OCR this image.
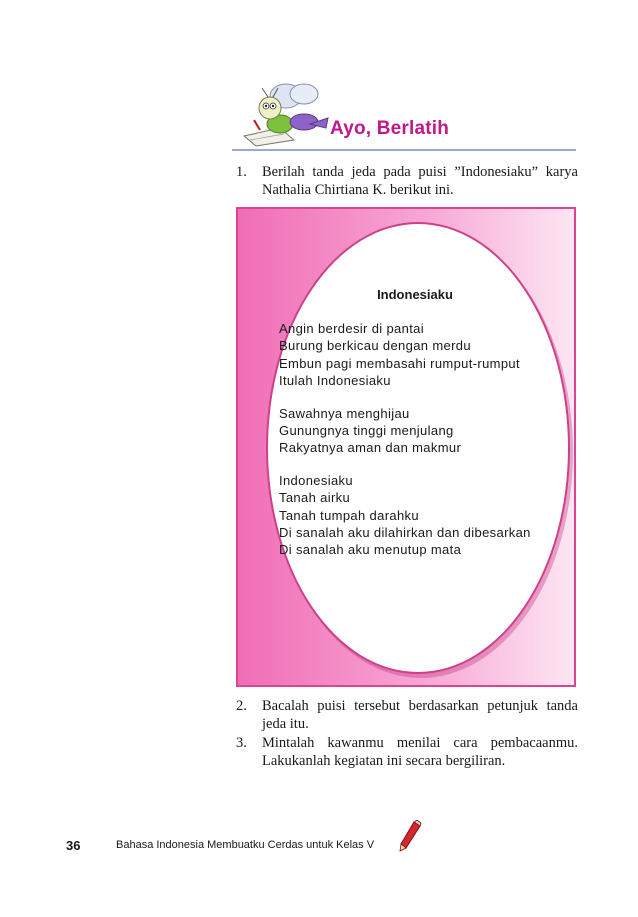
Ayo, Berlatih
1.	Berilah tanda jeda pada puisi ”Indonesiaku” karya Nathalia Chirtiana K. berikut ini.
Indonesiaku
Angin berdesir di pantai
Burung berkicau dengan merdu
Embun pagi membasahi rumput-rumput
Itulah Indonesiaku
Sawahnya menghijau
Gunungnya tinggi menjulang
Rakyatnya aman dan makmur
Indonesiaku
Tanah airku
Tanah tumpah darahku
Di sanalah aku dilahirkan dan dibesarkan
Di sanalah aku menutup mata
2.	Bacalah puisi tersebut berdasarkan petunjuk tanda jeda itu.
3.	Mintalah kawanmu menilai cara pembacaanmu. Lakukanlah kegiatan ini secara bergiliran.
36	Bahasa Indonesia Membuatku Cerdas untuk Kelas V
